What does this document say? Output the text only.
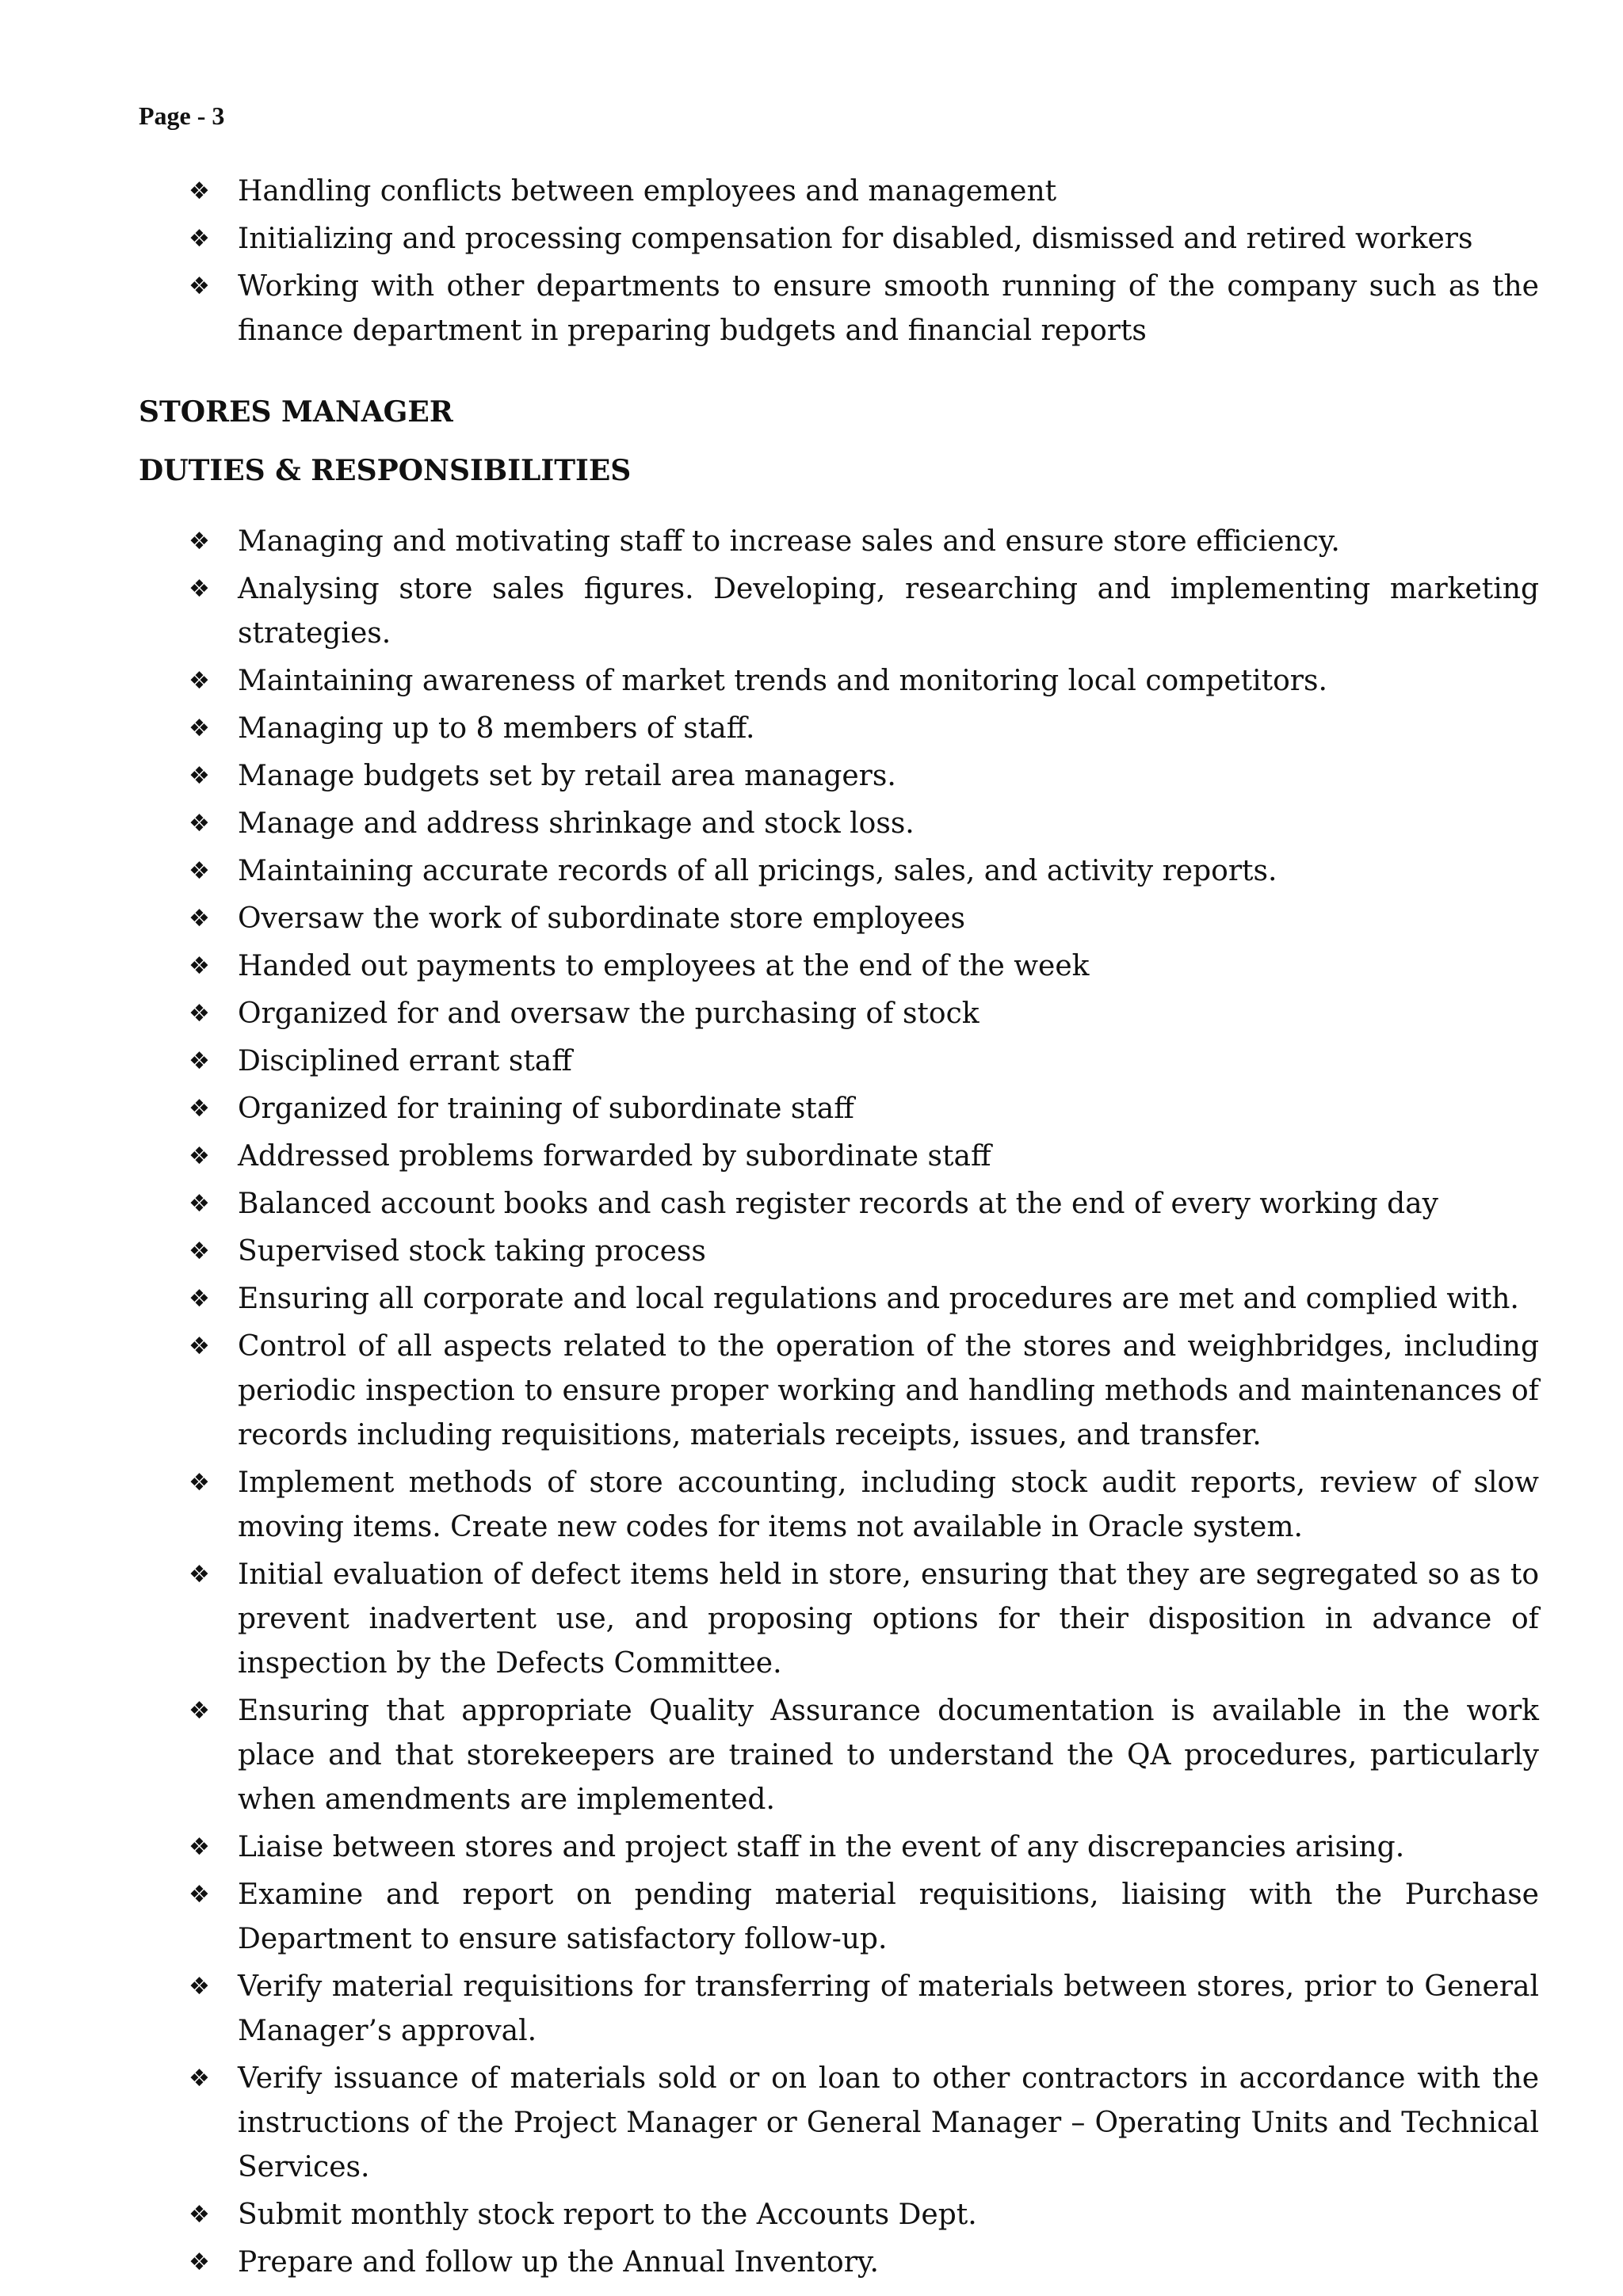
Page - 3
❖ Handling conflicts between employees and management
❖ Initializing and processing compensation for disabled, dismissed and retired workers
❖ Working with other departments to ensure smooth running of the company such as the finance department in preparing budgets and financial reports
STORES MANAGER
DUTIES & RESPONSIBILITIES
❖ Managing and motivating staff to increase sales and ensure store efficiency.
❖ Analysing store sales figures. Developing, researching and implementing marketing strategies.
❖ Maintaining awareness of market trends and monitoring local competitors.
❖ Managing up to 8 members of staff.
❖ Manage budgets set by retail area managers.
❖ Manage and address shrinkage and stock loss.
❖ Maintaining accurate records of all pricings, sales, and activity reports.
❖ Oversaw the work of subordinate store employees
❖ Handed out payments to employees at the end of the week
❖ Organized for and oversaw the purchasing of stock
❖ Disciplined errant staff
❖ Organized for training of subordinate staff
❖ Addressed problems forwarded by subordinate staff
❖ Balanced account books and cash register records at the end of every working day
❖ Supervised stock taking process
❖ Ensuring all corporate and local regulations and procedures are met and complied with.
❖ Control of all aspects related to the operation of the stores and weighbridges, including periodic inspection to ensure proper working and handling methods and maintenances of records including requisitions, materials receipts, issues, and transfer.
❖ Implement methods of store accounting, including stock audit reports, review of slow moving items. Create new codes for items not available in Oracle system.
❖ Initial evaluation of defect items held in store, ensuring that they are segregated so as to prevent inadvertent use, and proposing options for their disposition in advance of inspection by the Defects Committee.
❖ Ensuring that appropriate Quality Assurance documentation is available in the work place and that storekeepers are trained to understand the QA procedures, particularly when amendments are implemented.
❖ Liaise between stores and project staff in the event of any discrepancies arising.
❖ Examine and report on pending material requisitions, liaising with the Purchase Department to ensure satisfactory follow-up.
❖ Verify material requisitions for transferring of materials between stores, prior to General Manager’s approval.
❖ Verify issuance of materials sold or on loan to other contractors in accordance with the instructions of the Project Manager or General Manager – Operating Units and Technical Services.
❖ Submit monthly stock report to the Accounts Dept.
❖ Prepare and follow up the Annual Inventory.
